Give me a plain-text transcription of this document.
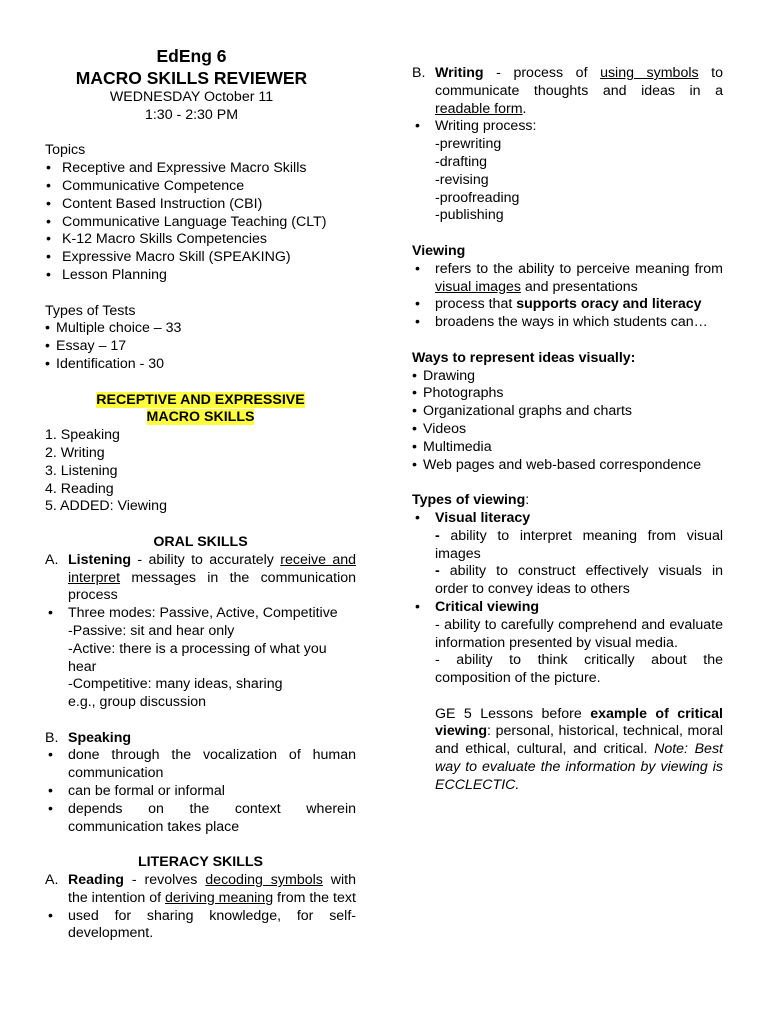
EdEng 6

MACRO SKILLS REVIEWER

WEDNESDAY October 11

1:30 - 2:30 PM

Topics

• Receptive and Expressive Macro Skills
• Communicative Competence
• Content Based Instruction (CBI)
• Communicative Language Teaching (CLT)
• K-12 Macro Skills Competencies
• Expressive Macro Skill (SPEAKING)
• Lesson Planning

Types of Tests

• Multiple choice – 33
• Essay – 17
• Identification - 30

RECEPTIVE AND EXPRESSIVE

MACRO SKILLS

1. Speaking

2. Writing

3. Listening

4. Reading

5. ADDED: Viewing

ORAL SKILLS

A. Listening - ability to accurately receive and interpret messages in the communication process
• Three modes: Passive, Active, Competitive
-Passive: sit and hear only
-Active: there is a processing of what you hear
-Competitive: many ideas, sharing
e.g., group discussion
B. Speaking
• done through the vocalization of human communication
• can be formal or informal
• depends on the context wherein communication takes place

LITERACY SKILLS

A. Reading - revolves decoding symbols with the intention of deriving meaning from the text
• used for sharing knowledge, for self-development.
B. Writing - process of using symbols to communicate thoughts and ideas in a readable form.
• Writing process:
-prewriting
-drafting
-revising
-proofreading
-publishing

Viewing

• refers to the ability to perceive meaning from visual images and presentations
• process that supports oracy and literacy
• broadens the ways in which students can…

Ways to represent ideas visually:

• Drawing
• Photographs
• Organizational graphs and charts
• Videos
• Multimedia
• Web pages and web-based correspondence

Types of viewing:

• Visual literacy
- ability to interpret meaning from visual images
- ability to construct effectively visuals in order to convey ideas to others
• Critical viewing
- ability to carefully comprehend and evaluate information presented by visual media.
- ability to think critically about the composition of the picture.
GE 5 Lessons before example of critical viewing: personal, historical, technical, moral and ethical, cultural, and critical. Note: Best way to evaluate the information by viewing is ECCLECTIC.
